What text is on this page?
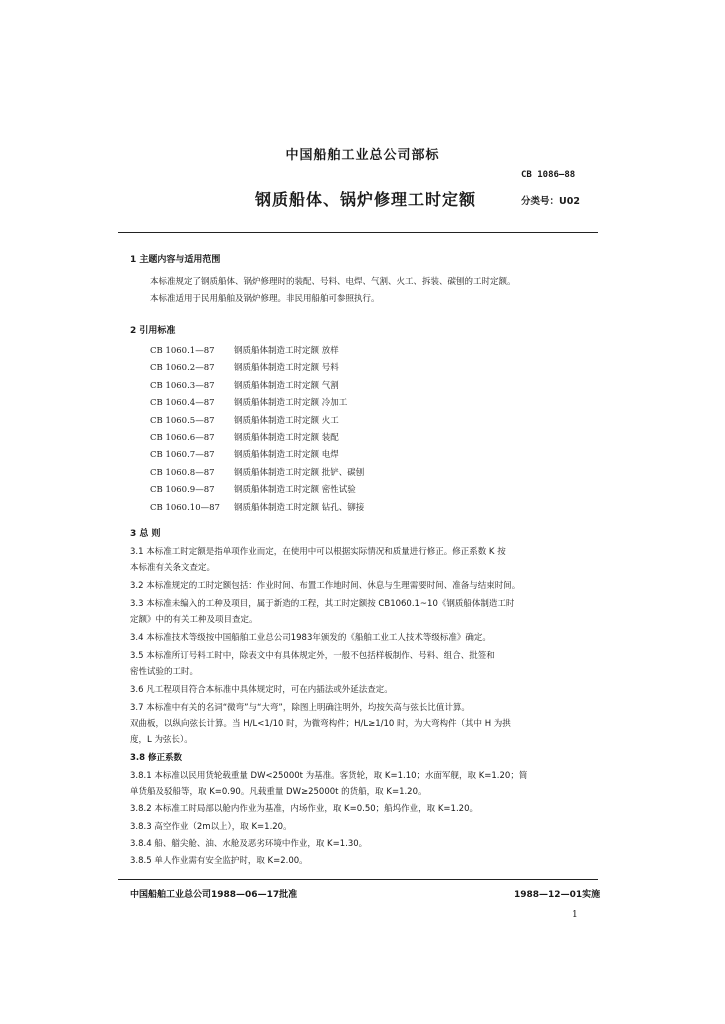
中国船舶工业总公司部标
CB 1086—88
钢质船体、锅炉修理工时定额	分类号：U02
1 主题内容与适用范围
本标准规定了钢质船体、锅炉修理时的装配、号料、电焊、气割、火工、拆装、碳刨的工时定额。
本标准适用于民用船舶及锅炉修理。非民用船舶可参照执行。
2 引用标准
CB 1060.1—87 钢质船体制造工时定额 放样
CB 1060.2—87 钢质船体制造工时定额 号料
CB 1060.3—87 钢质船体制造工时定额 气割
CB 1060.4—87 钢质船体制造工时定额 冷加工
CB 1060.5—87 钢质船体制造工时定额 火工
CB 1060.6—87 钢质船体制造工时定额 装配
CB 1060.7—87 钢质船体制造工时定额 电焊
CB 1060.8—87 钢质船体制造工时定额 批铲、碳刨
CB 1060.9—87 钢质船体制造工时定额 密性试验
CB 1060.10—87 钢质船体制造工时定额 钻孔、铆接
3 总 则
3.1 本标准工时定额是指单项作业而定，在使用中可以根据实际情况和质量进行修正。修正系数 K 按
本标准有关条文查定。
3.2 本标准规定的工时定额包括：作业时间、布置工作地时间、休息与生理需要时间、准备与结束时间。
3.3 本标准未编入的工种及项目，属于新造的工程，其工时定额按 CB1060.1~10《钢质船体制造工时
定额》中的有关工种及项目查定。
3.4 本标准技术等级按中国船舶工业总公司1983年颁发的《船舶工业工人技术等级标准》确定。
3.5 本标准所订号料工时中，除表文中有具体规定外，一般不包括样板制作、号料、组合、批签和
密性试验的工时。
3.6 凡工程项目符合本标准中具体规定时，可在内插法或外延法查定。
3.7 本标准中有关的名词“微弯”与“大弯”，除图上明确注明外，均按矢高与弦长比值计算。
双曲板，以纵向弦长计算。当 H/L<1/10 时，为微弯构件；H/L≥1/10 时，为大弯构件（其中 H 为拱
度，L 为弦长）。
3.8 修正系数
3.8.1 本标准以民用货轮载重量 DW<25000t 为基准。客货轮，取 K=1.10；水面军舰，取 K=1.20；简
单货船及驳船等，取 K=0.90。凡载重量 DW≥25000t 的货船，取 K=1.20。
3.8.2 本标准工时局部以舱内作业为基准，内场作业，取 K=0.50；船坞作业，取 K=1.20。
3.8.3 高空作业（2m以上），取 K=1.20。
3.8.4 船、艏尖舱、油、水舱及恶劣环境中作业，取 K=1.30。
3.8.5 单人作业需有安全监护时，取 K=2.00。
中国船舶工业总公司1988—06—17批准	1988—12—01实施
1
